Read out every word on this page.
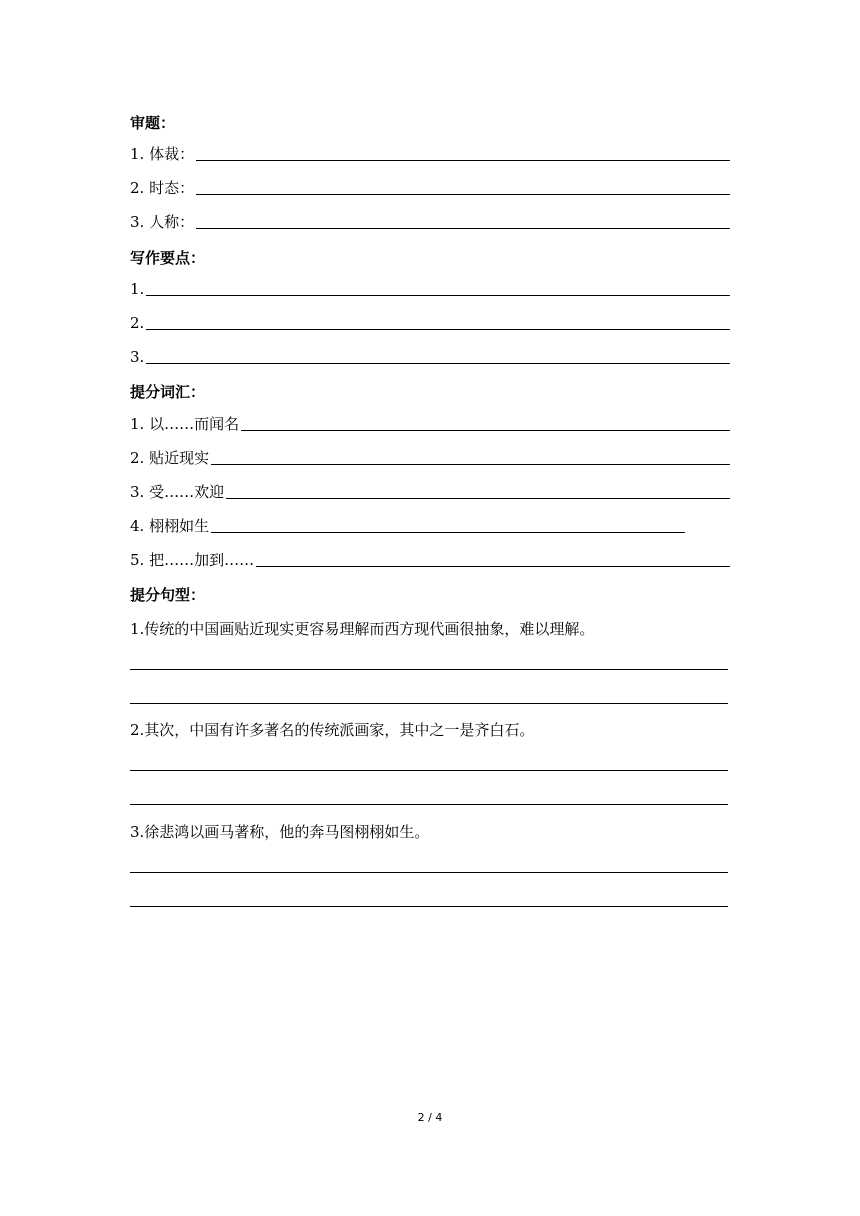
审题：
1. 体裁：
2. 时态：
3. 人称：
写作要点：
1.
2.
3.
提分词汇：
1. 以……而闻名
2. 贴近现实
3. 受……欢迎
4. 栩栩如生
5. 把……加到……
提分句型：
1.传统的中国画贴近现实更容易理解而西方现代画很抽象，难以理解。
2.其次，中国有许多著名的传统派画家，其中之一是齐白石。
3.徐悲鸿以画马著称，他的奔马图栩栩如生。
2 / 4
